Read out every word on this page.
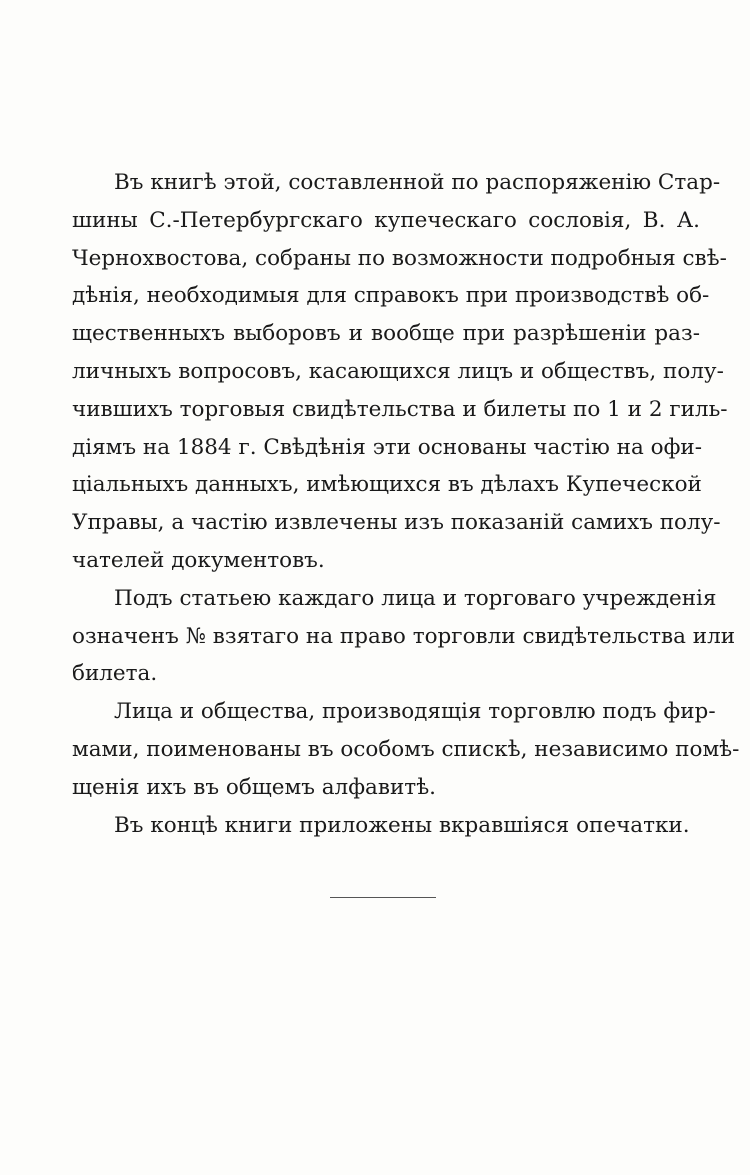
Въ книгѣ этой, составленной по распоряженію Стар-
шины С.-Петербургскаго купеческаго сословія, В. А.
Чернохвостова, собраны по возможности подробныя свѣ-
дѣнія, необходимыя для справокъ при производствѣ об-
щественныхъ выборовъ и вообще при разрѣшеніи раз-
личныхъ вопросовъ, касающихся лицъ и обществъ, полу-
чившихъ торговыя свидѣтельства и билеты по 1 и 2 гиль-
діямъ на 1884 г. Свѣдѣнія эти основаны частію на офи-
ціальныхъ данныхъ, имѣющихся въ дѣлахъ Купеческой
Управы, а частію извлечены изъ показаній самихъ полу-
чателей документовъ.
Подъ статьею каждаго лица и торговаго учрежденія
означенъ № взятаго на право торговли свидѣтельства или
билета.
Лица и общества, производящія торговлю подъ фир-
мами, поименованы въ особомъ спискѣ, независимо помѣ-
щенія ихъ въ общемъ алфавитѣ.
Въ концѣ книги приложены вкравшіяся опечатки.
